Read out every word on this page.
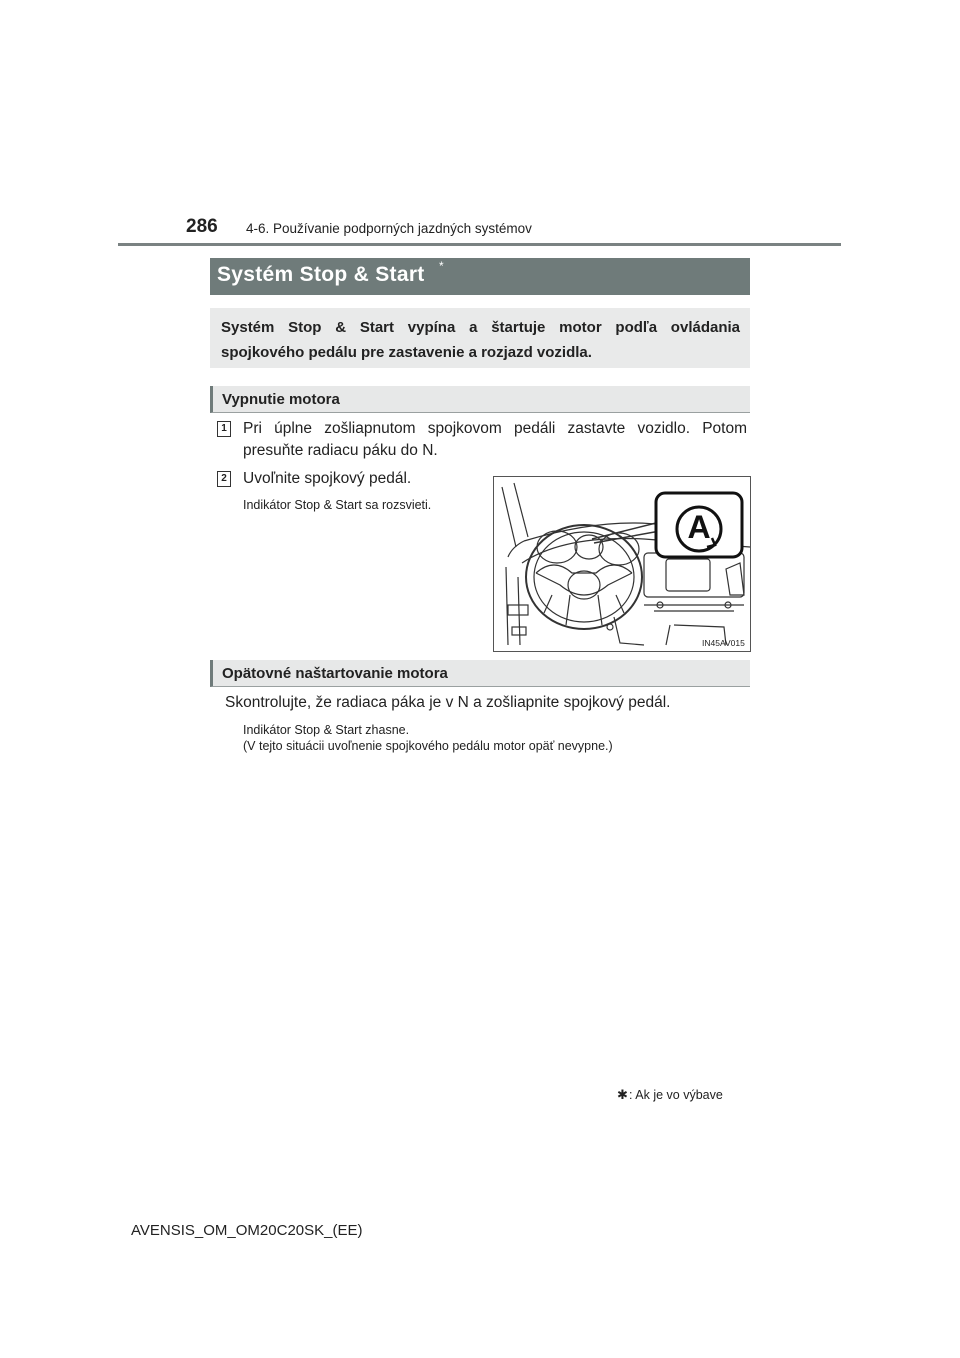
286 4-6. Používanie podporných jazdných systémov
Systém Stop & Start *
Systém Stop & Start vypína a štartuje motor podľa ovládania spojkového pedálu pre zastavenie a rozjazd vozidla.
Vypnutie motora
1 Pri úplne zošliapnutom spojkovom pedáli zastavte vozidlo. Potom
presuňte radiacu páku do N.
2 Uvoľnite spojkový pedál.
Indikátor Stop & Start sa rozsvieti.
A
IN45AV015
Opätovné naštartovanie motora
Skontrolujte, že radiaca páka je v N a zošliapnite spojkový pedál.
Indikátor Stop & Start zhasne.
(V tejto situácii uvoľnenie spojkového pedálu motor opäť nevypne.)
✱ : Ak je vo výbave
AVENSIS_OM_OM20C20SK_(EE)
